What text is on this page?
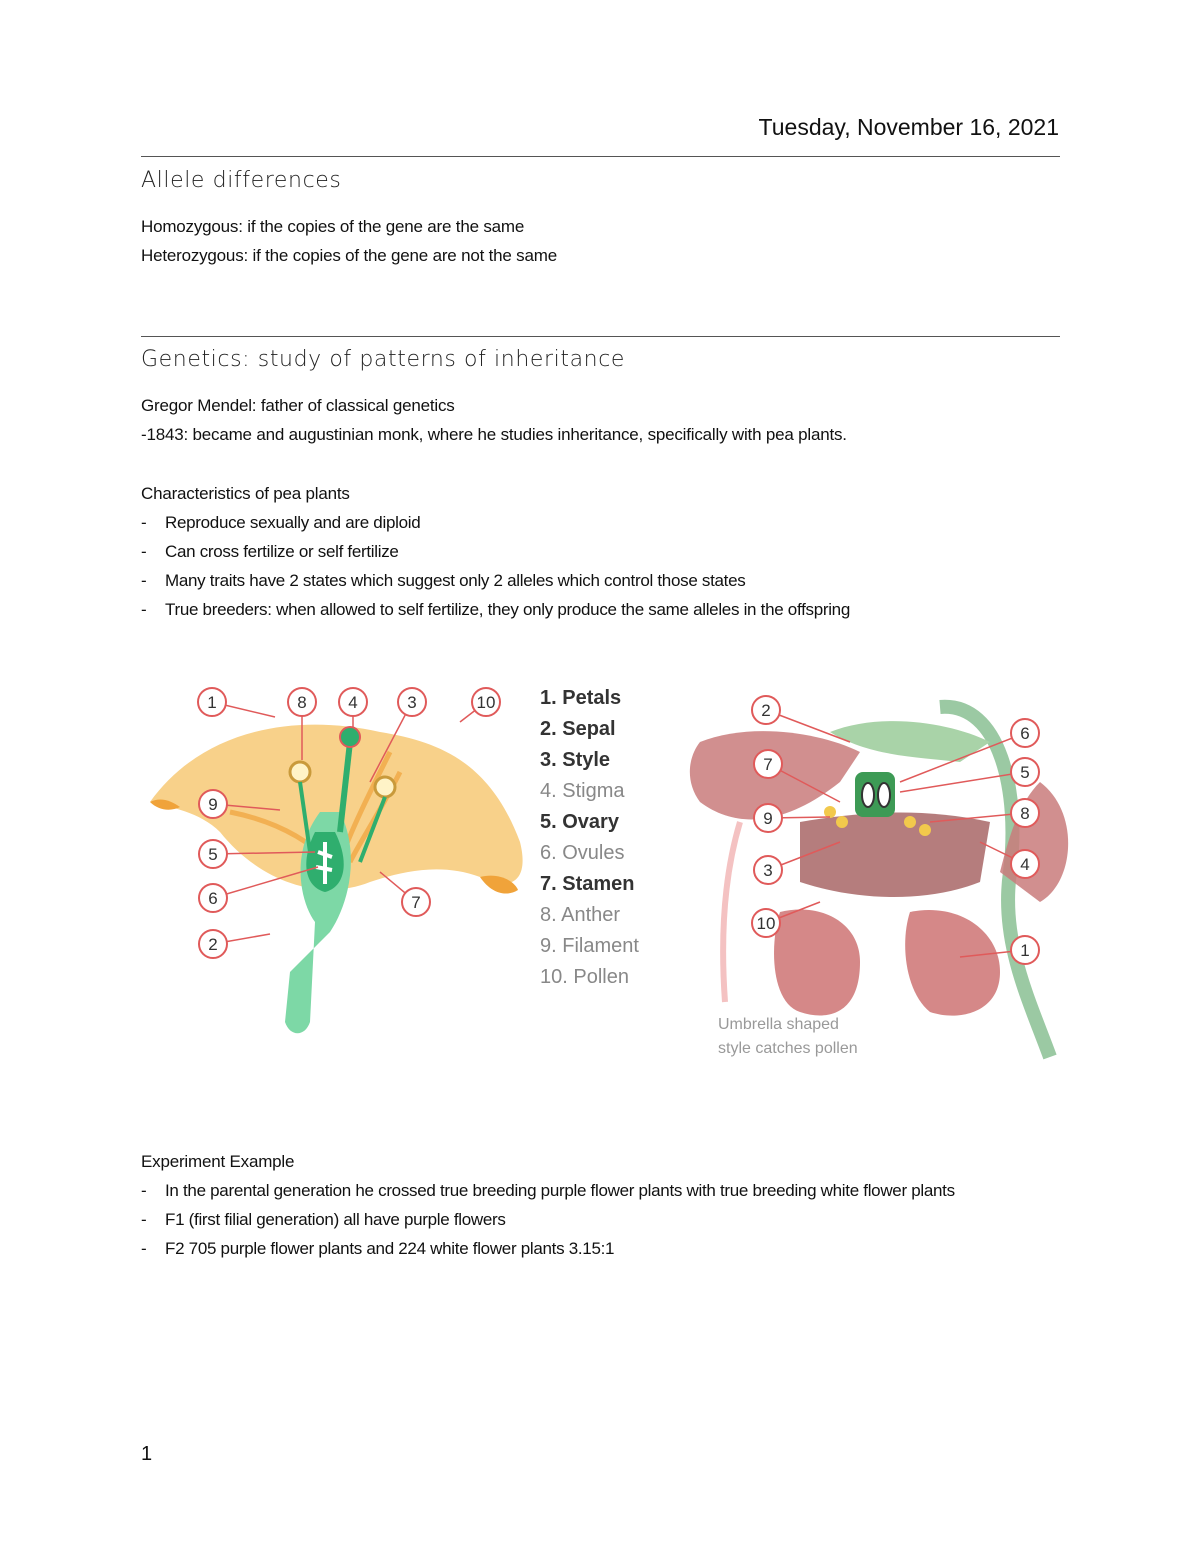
Tuesday, November 16, 2021
Allele differences
Homozygous: if the copies of the gene are the same
Heterozygous: if the copies of the gene are not the same
Genetics: study of patterns of inheritance
Gregor Mendel: father of classical genetics
-1843: became and augustinian monk, where he studies inheritance, specifically with pea plants.
Characteristics of pea plants
- Reproduce sexually and are diploid
- Can cross fertilize or self fertilize
- Many traits have 2 states which suggest only 2 alleles which control those states
- True breeders: when allowed to self fertilize, they only produce the same alleles in the offspring
1	8 4	3	10
9
5
6	7
2
2
6
7	5
9	8
3	4
10
1
1. Petals
2. Sepal
3. Style
4. Stigma
5. Ovary
6. Ovules
7. Stamen
8. Anther
9. Filament
10. Pollen
Umbrella shaped
style catches pollen
Experiment Example
- In the parental generation he crossed true breeding purple flower plants with true breeding white flower plants
- F1 (first filial generation) all have purple flowers
- F2 705 purple flower plants and 224 white flower plants 3.15:1
1
